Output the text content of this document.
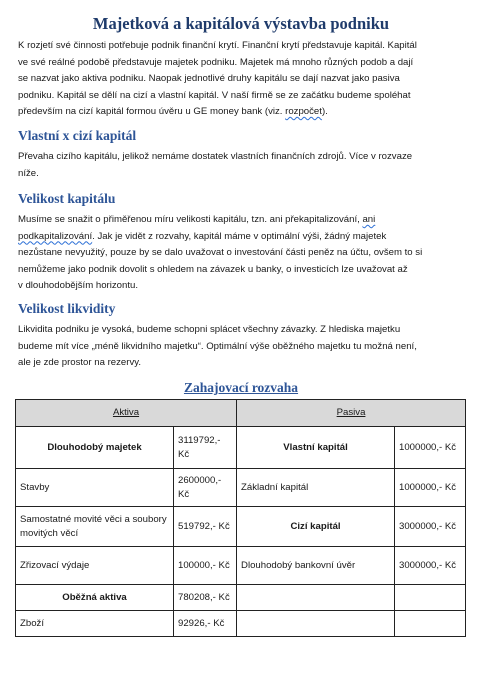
Majetková a kapitálová výstavba podniku
K rozjetí své činnosti potřebuje podnik finanční krytí. Finanční krytí představuje kapitál. Kapitál
ve své reálné podobě představuje majetek podniku. Majetek má mnoho různých podob a dají
se nazvat jako aktiva podniku. Naopak jednotlivé druhy kapitálu se dají nazvat jako pasiva
podniku. Kapitál se dělí na cizí a vlastní kapitál. V naší firmě se ze začátku budeme spoléhat
především na cizí kapitál formou úvěru u GE money bank (viz. rozpočet).
Vlastní x cizí kapitál
Převaha cizího kapitálu, jelikož nemáme dostatek vlastních finančních zdrojů. Více v rozvaze
níže.
Velikost kapitálu
Musíme se snažit o přiměřenou míru velikosti kapitálu, tzn. ani překapitalizování, ani
podkapitalizování. Jak je vidět z rozvahy, kapitál máme v optimální výši, žádný majetek
nezůstane nevyužitý, pouze by se dalo uvažovat o investování části peněz na účtu, ovšem to si
nemůžeme jako podnik dovolit s ohledem na závazek u banky, o investicích lze uvažovat až
v dlouhodobějším horizontu.
Velikost likvidity
Likvidita podniku je vysoká, budeme schopni splácet všechny závazky. Z hlediska majetku
budeme mít více „méně likvidního majetku“. Optimální výše oběžného majetku tu možná není,
ale je zde prostor na rezervy.
Zahajovací rozvaha
Aktiva		Pasiva	
Dlouhodobý majetek	3119792,- Kč	Vlastní kapitál	1000000,- Kč
Stavby	2600000,- Kč	Základní kapitál	1000000,- Kč
Samostatné movité věci a soubory movitých věcí	519792,- Kč	Cizí kapitál	3000000,- Kč
Zřizovací výdaje	100000,- Kč	Dlouhodobý bankovní úvěr	3000000,- Kč
Oběžná aktiva	780208,- Kč		
Zboží	92926,- Kč		
